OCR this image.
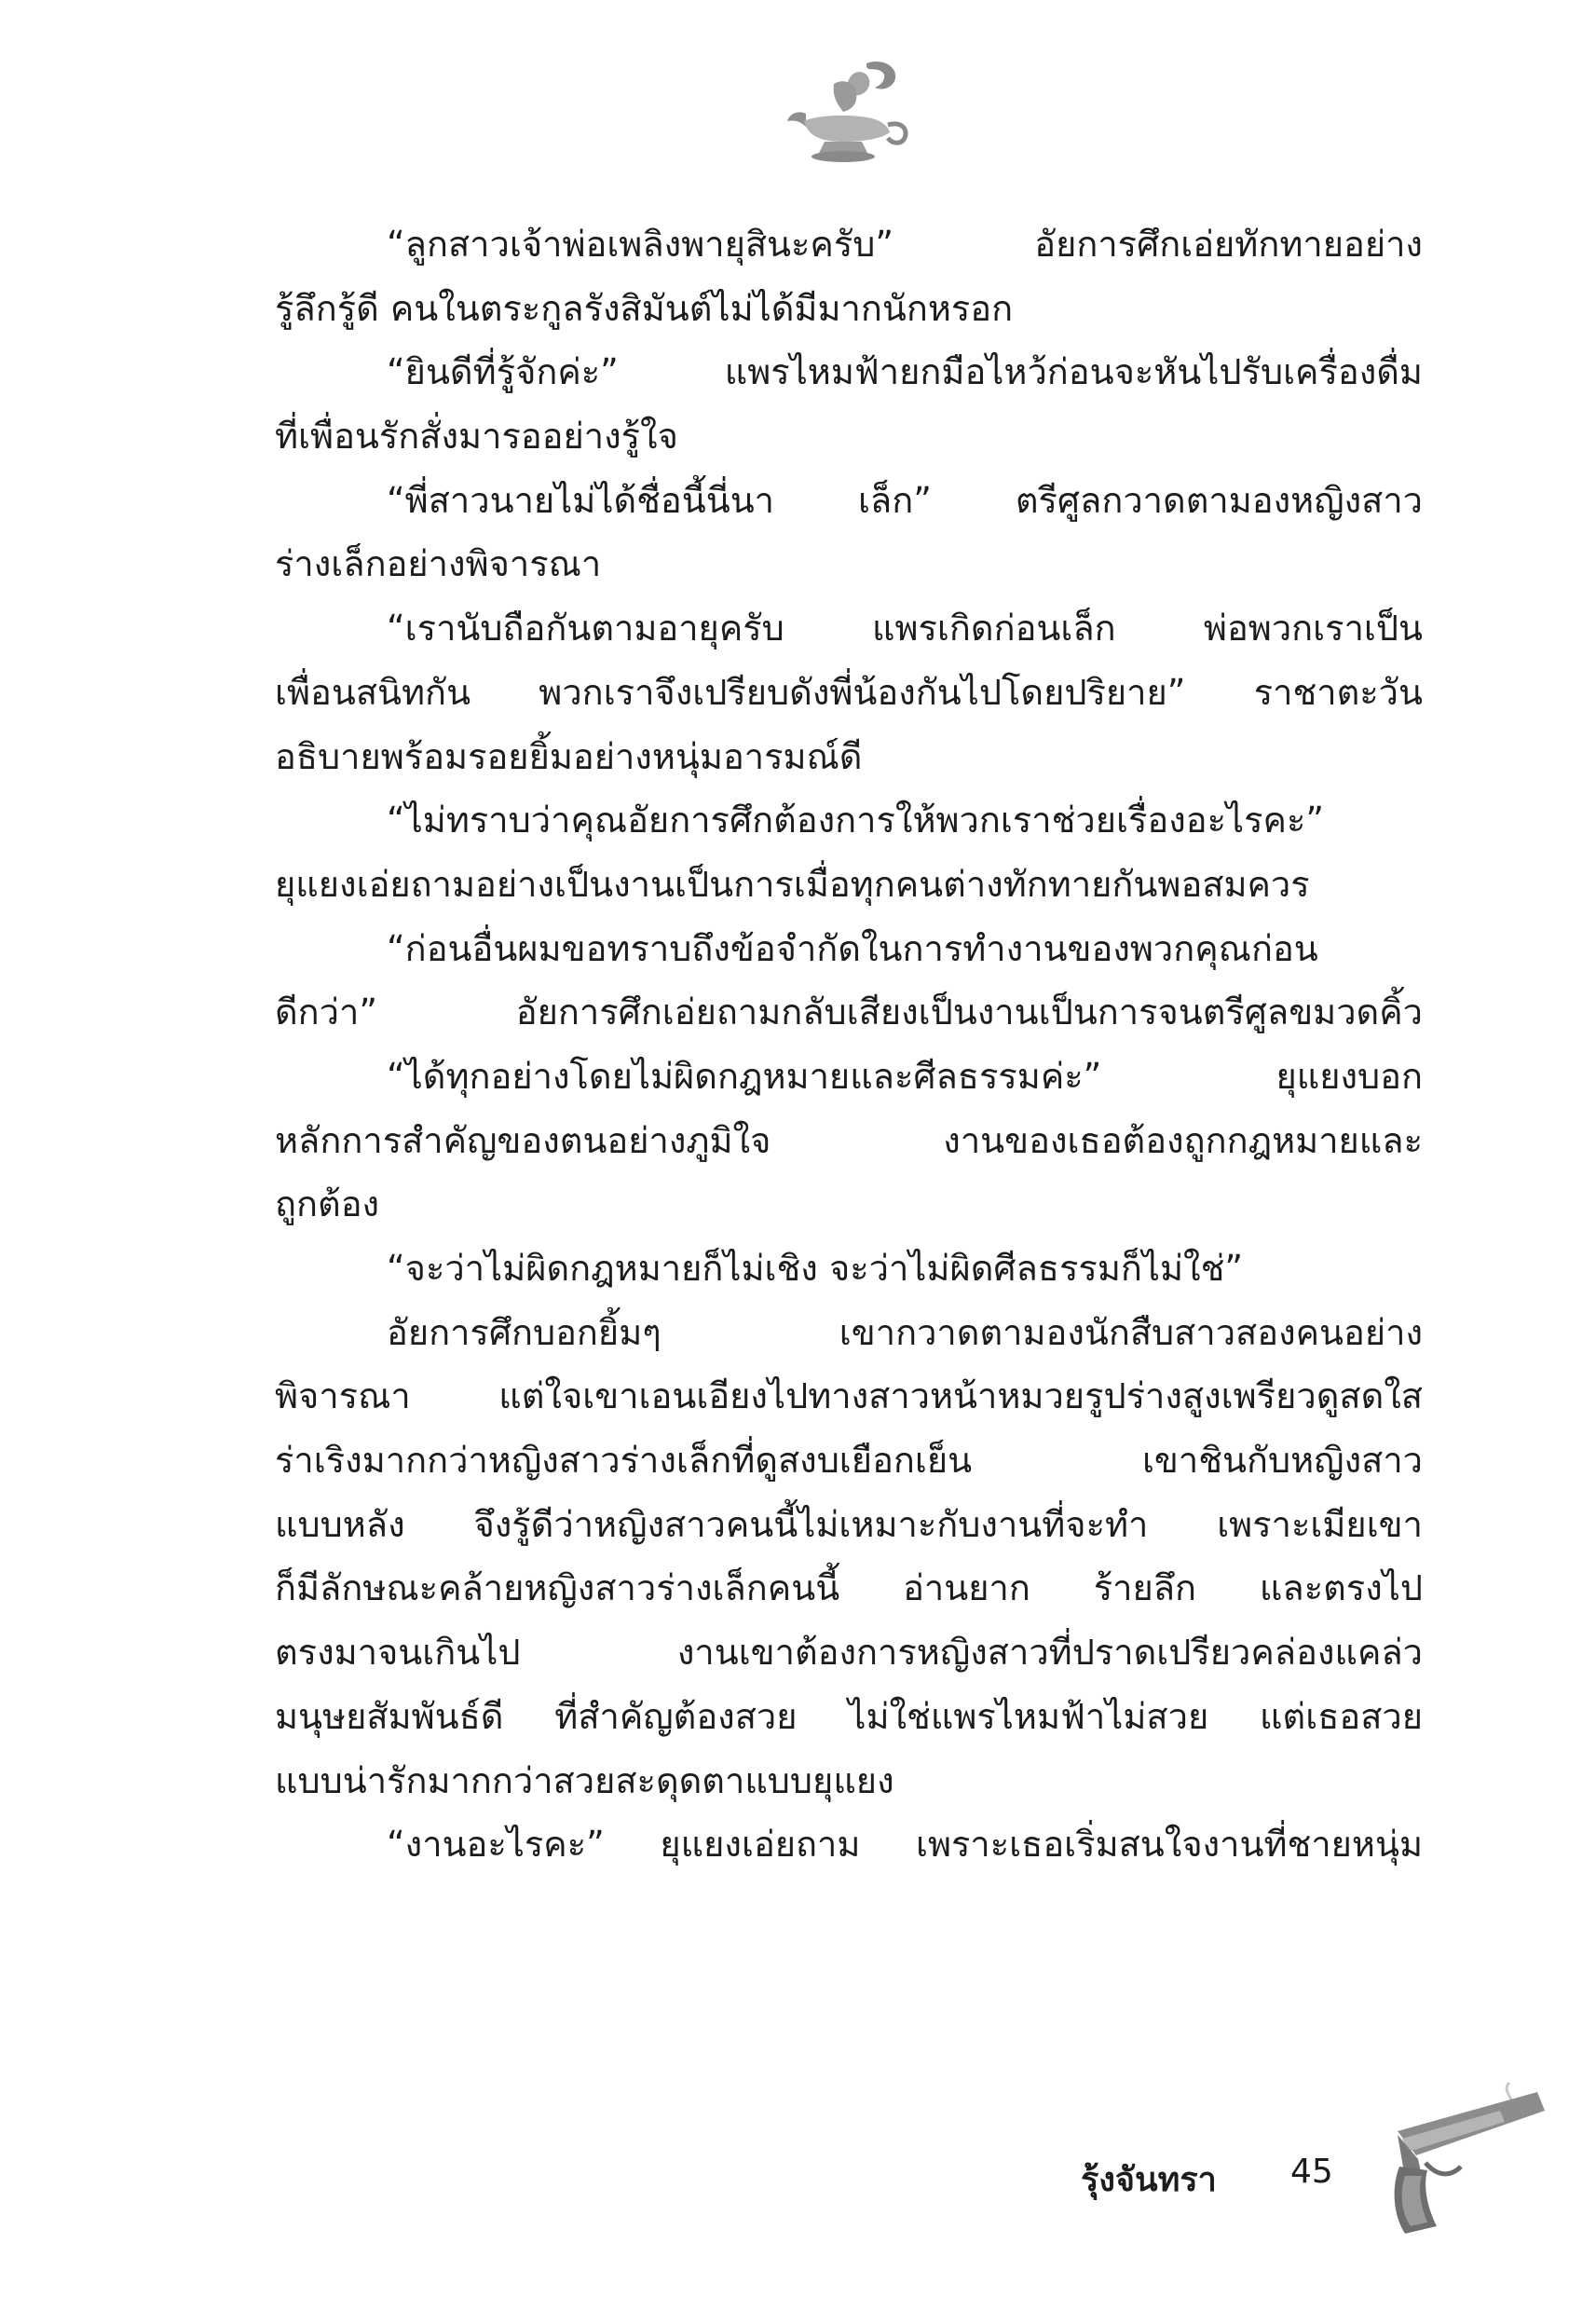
“ลูกสาวเจ้าพ่อเพลิงพายุสินะครับ” อัยการศึกเอ่ยทักทายอย่าง
รู้ลึกรู้ดี คนในตระกูลรังสิมันต์ไม่ได้มีมากนักหรอก
“ยินดีที่รู้จักค่ะ” แพรไหมฟ้ายกมือไหว้ก่อนจะหันไปรับเครื่องดื่ม
ที่เพื่อนรักสั่งมารออย่างรู้ใจ
“พี่สาวนายไม่ได้ชื่อนี้นี่นา เล็ก” ตรีศูลกวาดตามองหญิงสาว
ร่างเล็กอย่างพิจารณา
“เรานับถือกันตามอายุครับ แพรเกิดก่อนเล็ก พ่อพวกเราเป็น
เพื่อนสนิทกัน พวกเราจึงเปรียบดังพี่น้องกันไปโดยปริยาย” ราชาตะวัน
อธิบายพร้อมรอยยิ้มอย่างหนุ่มอารมณ์ดี
“ไม่ทราบว่าคุณอัยการศึกต้องการให้พวกเราช่วยเรื่องอะไรคะ”
ยุแยงเอ่ยถามอย่างเป็นงานเป็นการเมื่อทุกคนต่างทักทายกันพอสมควร
“ก่อนอื่นผมขอทราบถึงข้อจำกัดในการทำงานของพวกคุณก่อน
ดีกว่า” อัยการศึกเอ่ยถามกลับเสียงเป็นงานเป็นการจนตรีศูลขมวดคิ้ว
“ได้ทุกอย่างโดยไม่ผิดกฎหมายและศีลธรรมค่ะ” ยุแยงบอก
หลักการสำคัญของตนอย่างภูมิใจ งานของเธอต้องถูกกฎหมายและ
ถูกต้อง
“จะว่าไม่ผิดกฎหมายก็ไม่เชิง จะว่าไม่ผิดศีลธรรมก็ไม่ใช่”
อัยการศึกบอกยิ้มๆ เขากวาดตามองนักสืบสาวสองคนอย่าง
พิจารณา แต่ใจเขาเอนเอียงไปทางสาวหน้าหมวยรูปร่างสูงเพรียวดูสดใส
ร่าเริงมากกว่าหญิงสาวร่างเล็กที่ดูสงบเยือกเย็น เขาชินกับหญิงสาว
แบบหลัง จึงรู้ดีว่าหญิงสาวคนนี้ไม่เหมาะกับงานที่จะทำ เพราะเมียเขา
ก็มีลักษณะคล้ายหญิงสาวร่างเล็กคนนี้ อ่านยาก ร้ายลึก และตรงไป
ตรงมาจนเกินไป งานเขาต้องการหญิงสาวที่ปราดเปรียวคล่องแคล่ว
มนุษยสัมพันธ์ดี ที่สำคัญต้องสวย ไม่ใช่แพรไหมฟ้าไม่สวย แต่เธอสวย
แบบน่ารักมากกว่าสวยสะดุดตาแบบยุแยง
“งานอะไรคะ” ยุแยงเอ่ยถาม เพราะเธอเริ่มสนใจงานที่ชายหนุ่ม
รุ้งจันทรา 45
